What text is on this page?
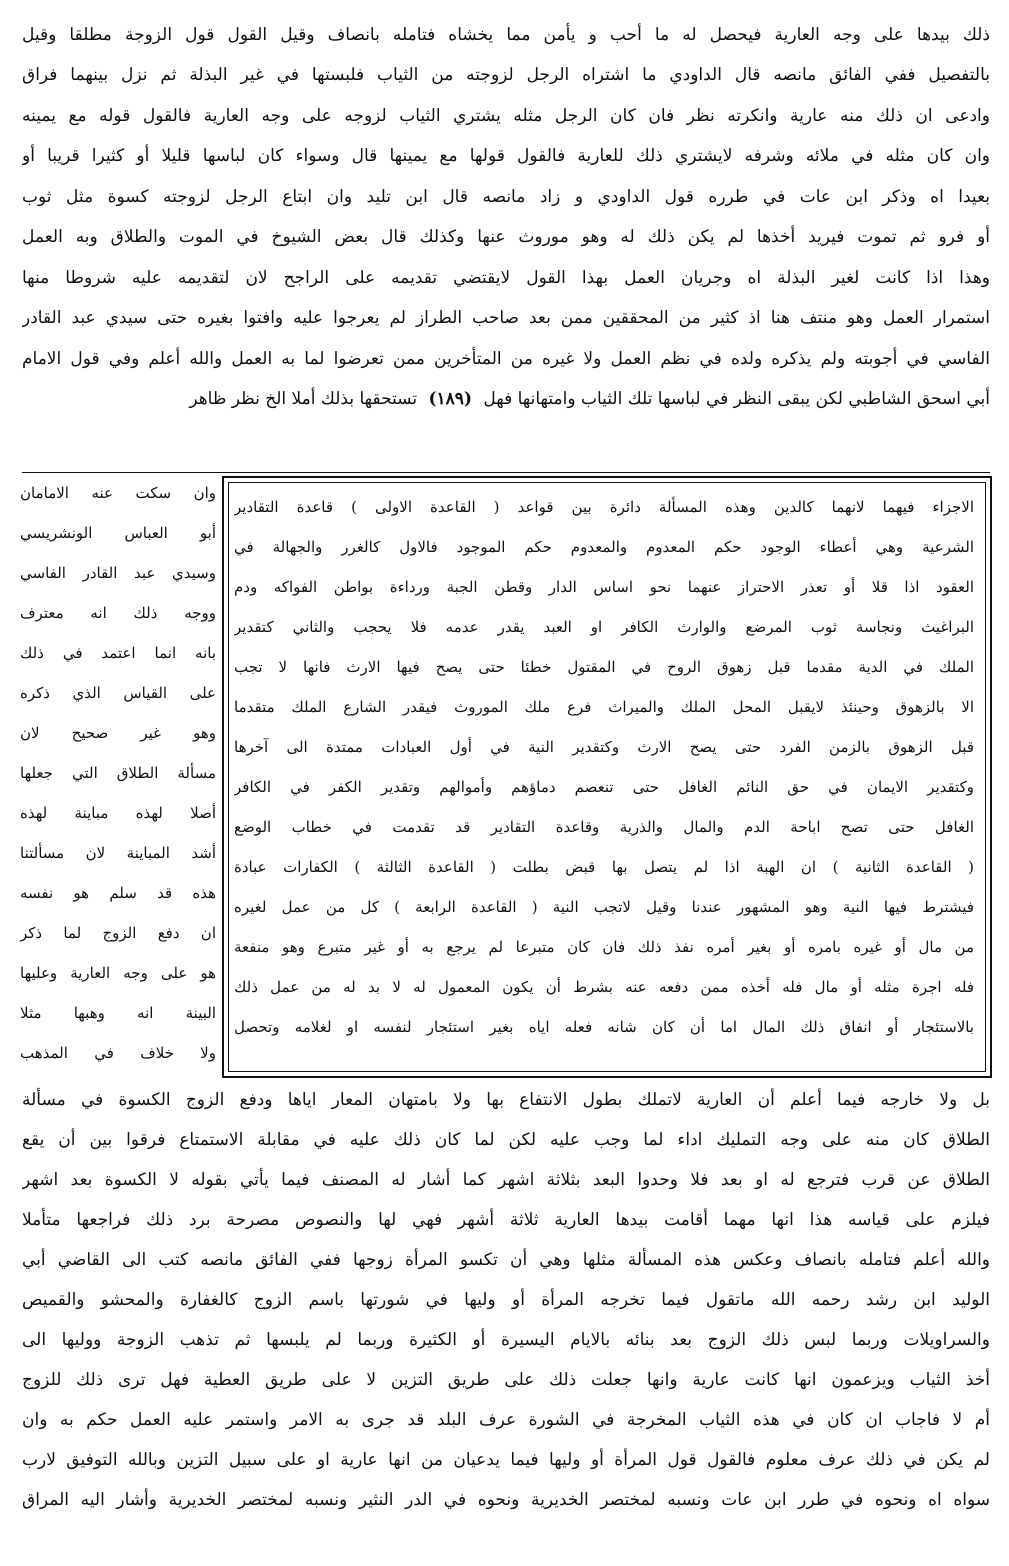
ذلك بيدها على وجه العارية فيحصل له ما أحب و يأمن مما يخشاه فتامله بانصاف وقيل القول قول الزوجة مطلقا وقيل
بالتفصيل ففي الفائق مانصه قال الداودي ما اشتراه الرجل لزوجته من الثياب فلبستها في غير البذلة ثم نزل بينهما فراق
وادعى ان ذلك منه عارية وانكرته نظر فان كان الرجل مثله يشتري الثياب لزوجه على وجه العارية فالقول قوله مع يمينه
وان كان مثله في ملائه وشرفه لايشتري ذلك للعارية فالقول قولها مع يمينها قال وسواء كان لباسها قليلا أو كثيرا قريبا أو
بعيدا اه وذكر ابن عات في طرره قول الداودي و زاد مانصه قال ابن تليد وان ابتاع الرجل لزوجته كسوة مثل ثوب
أو فرو ثم تموت فيريد أخذها لم يكن ذلك له وهو موروث عنها وكذلك قال بعض الشيوخ في الموت والطلاق وبه العمل
وهذا اذا كانت لغير البذلة اه وجريان العمل بهذا القول لايقتضي تقديمه على الراجح لان لتقديمه عليه شروطا منها
استمرار العمل وهو منتف هنا اذ كثير من المحققين ممن بعد صاحب الطراز لم يعرجوا عليه وافتوا بغيره حتى سيدي عبد القادر
الفاسي في أجوبته ولم يذكره ولده في نظم العمل ولا غيره من المتأخرين ممن تعرضوا لما به العمل والله أعلم وفي قول الامام
أبي اسحق الشاطبي لكن يبقى النظر في لباسها تلك الثياب وامتهانها فهل (١٨٩) تستحقها بذلك أملا الخ نظر ظاهر
الاجزاء فيهما لانهما كالدين وهذه المسألة دائرة بين قواعد ( القاعدة الاولى ) قاعدة التقادير
الشرعية وهي أعطاء الوجود حكم المعدوم والمعدوم حكم الموجود فالاول كالغرر والجهالة في
العقود اذا قلا أو تعذر الاحتراز عنهما نحو اساس الدار وقطن الجبة ورداءة بواطن الفواكه ودم
البراغيث ونجاسة ثوب المرضع والوارث الكافر او العبد يقدر عدمه فلا يحجب والثاني كتقدير
الملك في الدية مقدما قبل زهوق الروح في المقتول خطئا حتى يصح فيها الارث فانها لا تجب
الا بالزهوق وحينئذ لايقبل المحل الملك والميراث فرع ملك الموروث فيقدر الشارع الملك متقدما
قبل الزهوق بالزمن الفرد حتى يصح الارث وكتقدير النية في أول العبادات ممتدة الى آخرها
وكتقدير الايمان في حق النائم الغافل حتى تنعصم دماؤهم وأموالهم وتقدير الكفر في الكافر
الغافل حتى تصح اباحة الدم والمال والذرية وقاعدة التقادير قد تقدمت في خطاب الوضع
( القاعدة الثانية ) ان الهبة اذا لم يتصل بها قبض بطلت ( القاعدة الثالثة ) الكفارات عبادة
فيشترط فيها النية وهو المشهور عندنا وقيل لاتجب النية ( القاعدة الرابعة ) كل من عمل لغيره
من مال أو غيره بامره أو بغير أمره نفذ ذلك فان كان متبرعا لم يرجع به أو غير متبرع وهو منفعة
فله اجرة مثله أو مال فله أخذه ممن دفعه عنه بشرط أن يكون المعمول له لا بد له من عمل ذلك
بالاستئجار أو انفاق ذلك المال اما أن كان شانه فعله اياه بغير استئجار لنفسه او لغلامه وتحصل
وان سكت عنه الامامان
أبو العباس الونشريسي
وسيدي عبد القادر الفاسي
ووجه ذلك انه معترف
بانه انما اعتمد في ذلك
على القياس الذي ذكره
وهو غير صحيح لان
مسألة الطلاق التي جعلها
أصلا لهذه مباينة لهذه
أشد المباينة لان مسألتنا
هذه قد سلم هو نفسه
ان دفع الزوج لما ذكر
هو على وجه العارية وعليها
البينة انه وهبها مثلا
ولا خلاف في المذهب
بل ولا خارجه فيما أعلم أن العارية لاتملك بطول الانتفاع بها ولا بامتهان المعار اياها ودفع الزوج الكسوة في مسألة
الطلاق كان منه على وجه التمليك اداء لما وجب عليه لكن لما كان ذلك عليه في مقابلة الاستمتاع فرقوا بين أن يقع
الطلاق عن قرب فترجع له او بعد فلا وحدوا البعد بثلاثة اشهر كما أشار له المصنف فيما يأتي بقوله لا الكسوة بعد اشهر
فيلزم على قياسه هذا انها مهما أقامت بيدها العارية ثلاثة أشهر فهي لها والنصوص مصرحة برد ذلك فراجعها متأملا
والله أعلم فتامله بانصاف وعكس هذه المسألة مثلها وهي أن تكسو المرأة زوجها ففي الفائق مانصه كتب الى القاضي أبي
الوليد ابن رشد رحمه الله ماتقول فيما تخرجه المرأة أو وليها في شورتها باسم الزوج كالغفارة والمحشو والقميص
والسراويلات وربما لبس ذلك الزوج بعد بنائه بالايام اليسيرة أو الكثيرة وربما لم يلبسها ثم تذهب الزوجة ووليها الى
أخذ الثياب ويزعمون انها كانت عارية وانها جعلت ذلك على طريق التزين لا على طريق العطية فهل ترى ذلك للزوج
أم لا فاجاب ان كان في هذه الثياب المخرجة في الشورة عرف البلد قد جرى به الامر واستمر عليه العمل حكم به وان
لم يكن في ذلك عرف معلوم فالقول قول المرأة أو وليها فيما يدعيان من انها عارية او على سبيل التزين وبالله التوفيق لارب
سواه اه ونحوه في طرر ابن عات ونسبه لمختصر الخديرية ونحوه في الدر النثير ونسبه لمختصر الخديرية وأشار اليه المراق
